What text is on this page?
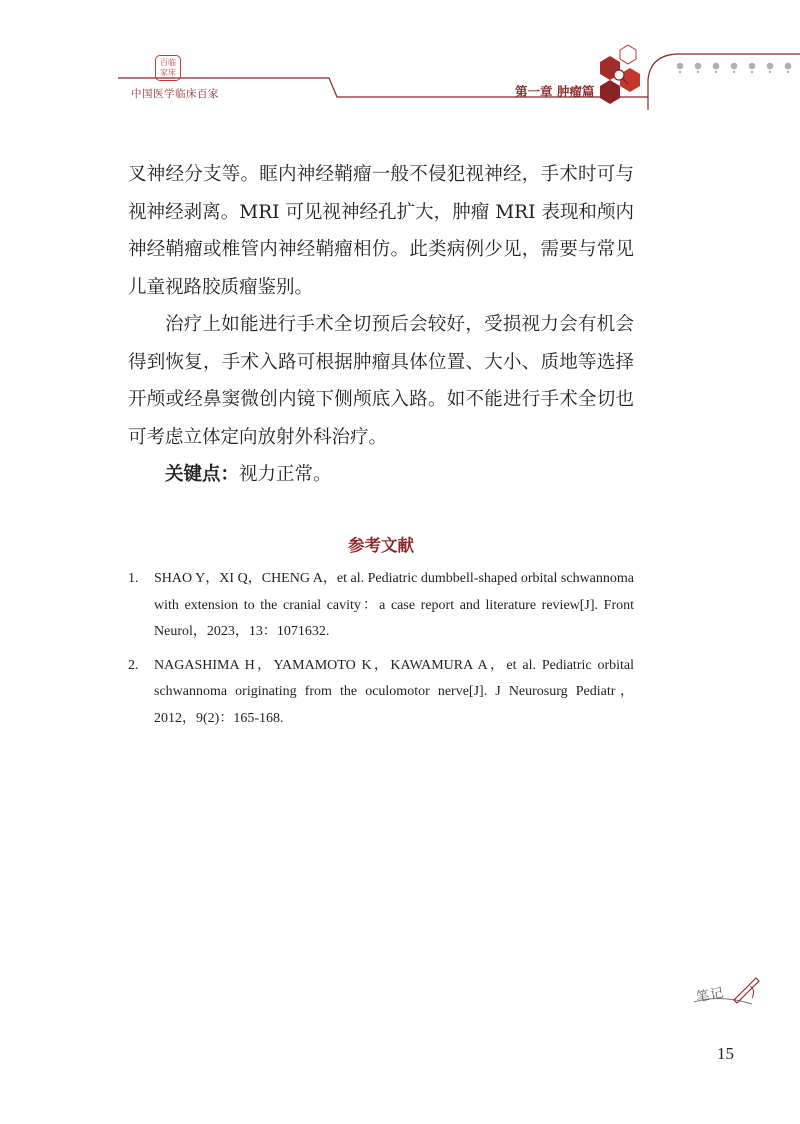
百临
家床
中国医学临床百家	第一章 肿瘤篇

叉神经分支等。眶内神经鞘瘤一般不侵犯视神经，手术时可与视神经剥离。MRI 可见视神经孔扩大，肿瘤 MRI 表现和颅内神经鞘瘤或椎管内神经鞘瘤相仿。此类病例少见，需要与常见儿童视路胶质瘤鉴别。

治疗上如能进行手术全切预后会较好，受损视力会有机会得到恢复，手术入路可根据肿瘤具体位置、大小、质地等选择开颅或经鼻窦微创内镜下侧颅底入路。如不能进行手术全切也可考虑立体定向放射外科治疗。

关键点：视力正常。

参考文献
1. SHAO Y，XI Q，CHENG A，et al. Pediatric dumbbell-shaped orbital schwannoma with extension to the cranial cavity：a case report and literature review[J]. Front Neurol，2023，13：1071632.
2. NAGASHIMA H，YAMAMOTO K，KAWAMURA A，et al. Pediatric orbital schwannoma originating from the oculomotor nerve[J]. J Neurosurg Pediatr，2012，9(2)：165-168.
笔记
15
